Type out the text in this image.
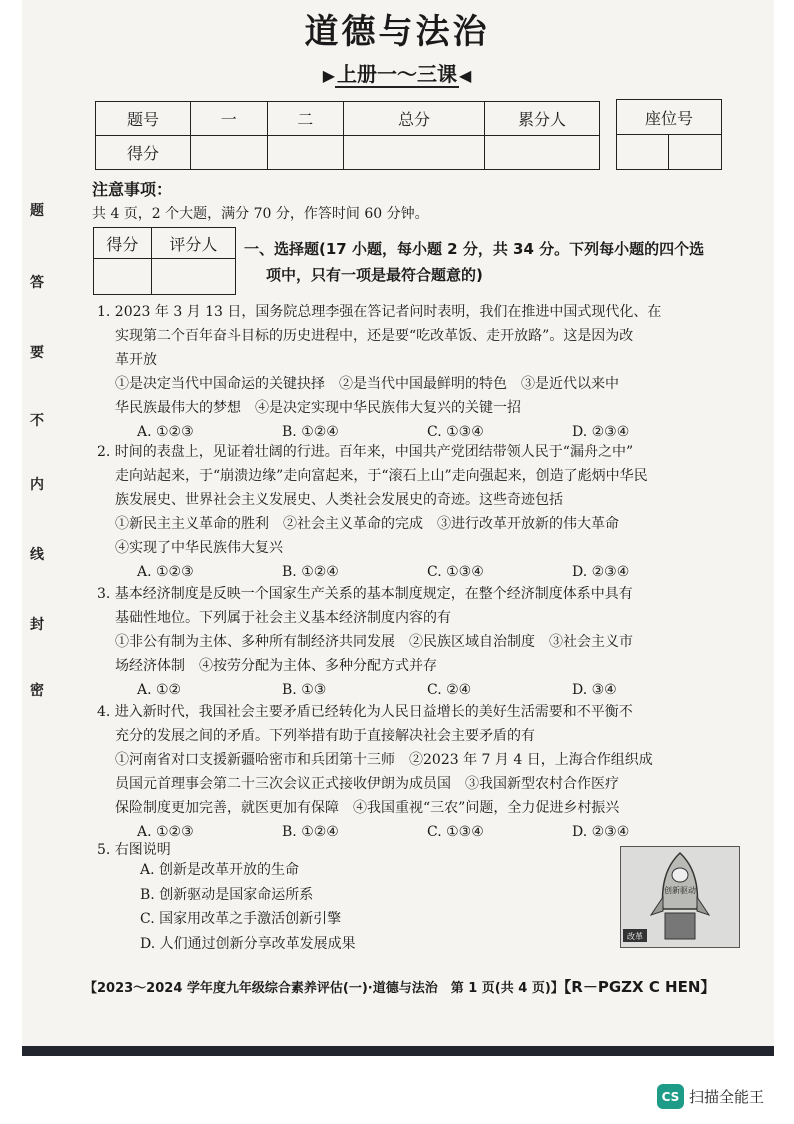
题
答
要
不
内
线
封
密
道德与法治
▶ 上册一～三课 ◀
题号	一	二	总分	累分人
得分				
座位号

注意事项：
共 4 页，2 个大题，满分 70 分，作答时间 60 分钟。
得分	评分人
	一、选择题(17 小题，每小题 2 分，共 34 分。下列每小题的四个选
项中，只有一项是最符合题意的)
1. 2023 年 3 月 13 日，国务院总理李强在答记者问时表明，我们在推进中国式现代化、在
实现第二个百年奋斗目标的历史进程中，还是要“吃改革饭、走开放路”。这是因为改
革开放
①是决定当代中国命运的关键抉择　②是当代中国最鲜明的特色　③是近代以来中
华民族最伟大的梦想　④是决定实现中华民族伟大复兴的关键一招
A. ①②③	B. ①②④	C. ①③④	D. ②③④
2. 时间的表盘上，见证着壮阔的行进。百年来，中国共产党团结带领人民于“漏舟之中”
走向站起来，于“崩溃边缘”走向富起来，于“滚石上山”走向强起来，创造了彪炳中华民
族发展史、世界社会主义发展史、人类社会发展史的奇迹。这些奇迹包括
①新民主主义革命的胜利　②社会主义革命的完成　③进行改革开放新的伟大革命
④实现了中华民族伟大复兴
A. ①②③	B. ①②④	C. ①③④	D. ②③④
3. 基本经济制度是反映一个国家生产关系的基本制度规定，在整个经济制度体系中具有
基础性地位。下列属于社会主义基本经济制度内容的有
①非公有制为主体、多种所有制经济共同发展　②民族区域自治制度　③社会主义市
场经济体制　④按劳分配为主体、多种分配方式并存
A. ①②	B. ①③	C. ②④	D. ③④
4. 进入新时代，我国社会主要矛盾已经转化为人民日益增长的美好生活需要和不平衡不
充分的发展之间的矛盾。下列举措有助于直接解决社会主要矛盾的有
①河南省对口支援新疆哈密市和兵团第十三师　②2023 年 7 月 4 日，上海合作组织成
员国元首理事会第二十三次会议正式接收伊朗为成员国　③我国新型农村合作医疗
保险制度更加完善，就医更加有保障　④我国重视“三农”问题，全力促进乡村振兴
A. ①②③	B. ①②④	C. ①③④	D. ②③④
5. 右图说明
A. 创新是改革开放的生命
B. 创新驱动是国家命运所系
C. 国家用改革之手激活创新引擎
D. 人们通过创新分享改革发展成果	改革
创新驱动
【2023～2024 学年度九年级综合素养评估(一)·道德与法治　第 1 页(共 4 页)】【R－PGZX C HEN】
CS 扫描全能王
